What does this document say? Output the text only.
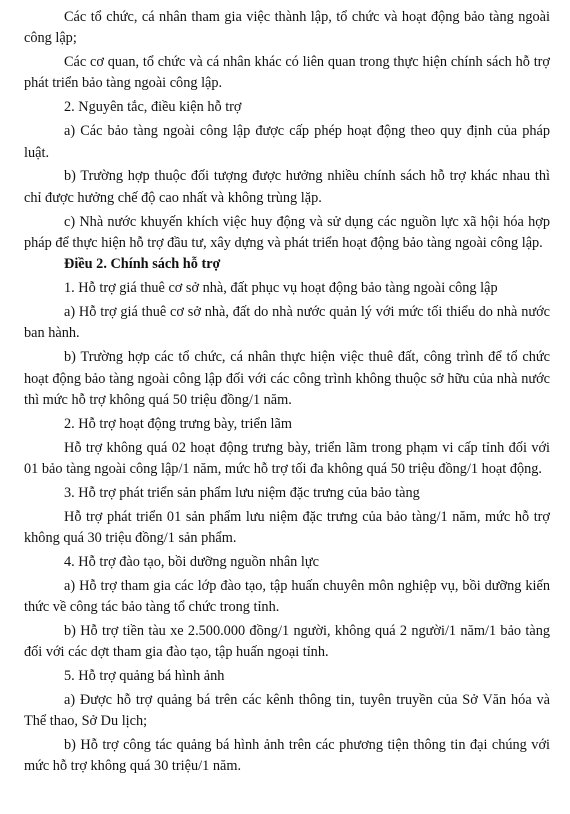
Các tổ chức, cá nhân tham gia việc thành lập, tổ chức và hoạt động bảo tàng ngoài công lập;

Các cơ quan, tổ chức và cá nhân khác có liên quan trong thực hiện chính sách hỗ trợ phát triển bảo tàng ngoài công lập.

2. Nguyên tắc, điều kiện hỗ trợ

a) Các bảo tàng ngoài công lập được cấp phép hoạt động theo quy định của pháp luật.

b) Trường hợp thuộc đối tượng được hưởng nhiều chính sách hỗ trợ khác nhau thì chỉ được hưởng chế độ cao nhất và không trùng lặp.

c) Nhà nước khuyến khích việc huy động và sử dụng các nguồn lực xã hội hóa hợp pháp để thực hiện hỗ trợ đầu tư, xây dựng và phát triển hoạt động bảo tàng ngoài công lập.

Điều 2. Chính sách hỗ trợ

1. Hỗ trợ giá thuê cơ sở nhà, đất phục vụ hoạt động bảo tàng ngoài công lập

a) Hỗ trợ giá thuê cơ sở nhà, đất do nhà nước quản lý với mức tối thiểu do nhà nước ban hành.

b) Trường hợp các tổ chức, cá nhân thực hiện việc thuê đất, công trình để tổ chức hoạt động bảo tàng ngoài công lập đối với các công trình không thuộc sở hữu của nhà nước thì mức hỗ trợ không quá 50 triệu đồng/1 năm.

2. Hỗ trợ hoạt động trưng bày, triển lãm

Hỗ trợ không quá 02 hoạt động trưng bày, triển lãm trong phạm vi cấp tỉnh đối với 01 bảo tàng ngoài công lập/1 năm, mức hỗ trợ tối đa không quá 50 triệu đồng/1 hoạt động.

3. Hỗ trợ phát triển sản phẩm lưu niệm đặc trưng của bảo tàng

Hỗ trợ phát triển 01 sản phẩm lưu niệm đặc trưng của bảo tàng/1 năm, mức hỗ trợ không quá 30 triệu đồng/1 sản phẩm.

4. Hỗ trợ đào tạo, bồi dưỡng nguồn nhân lực

a) Hỗ trợ tham gia các lớp đào tạo, tập huấn chuyên môn nghiệp vụ, bồi dưỡng kiến thức về công tác bảo tàng tổ chức trong tỉnh.

b) Hỗ trợ tiền tàu xe 2.500.000 đồng/1 người, không quá 2 người/1 năm/1 bảo tàng đối với các dợt tham gia đào tạo, tập huấn ngoại tỉnh.

5. Hỗ trợ quảng bá hình ảnh

a) Được hỗ trợ quảng bá trên các kênh thông tin, tuyên truyền của Sở Văn hóa và Thể thao, Sở Du lịch;

b) Hỗ trợ công tác quảng bá hình ảnh trên các phương tiện thông tin đại chúng với mức hỗ trợ không quá 30 triệu/1 năm.
